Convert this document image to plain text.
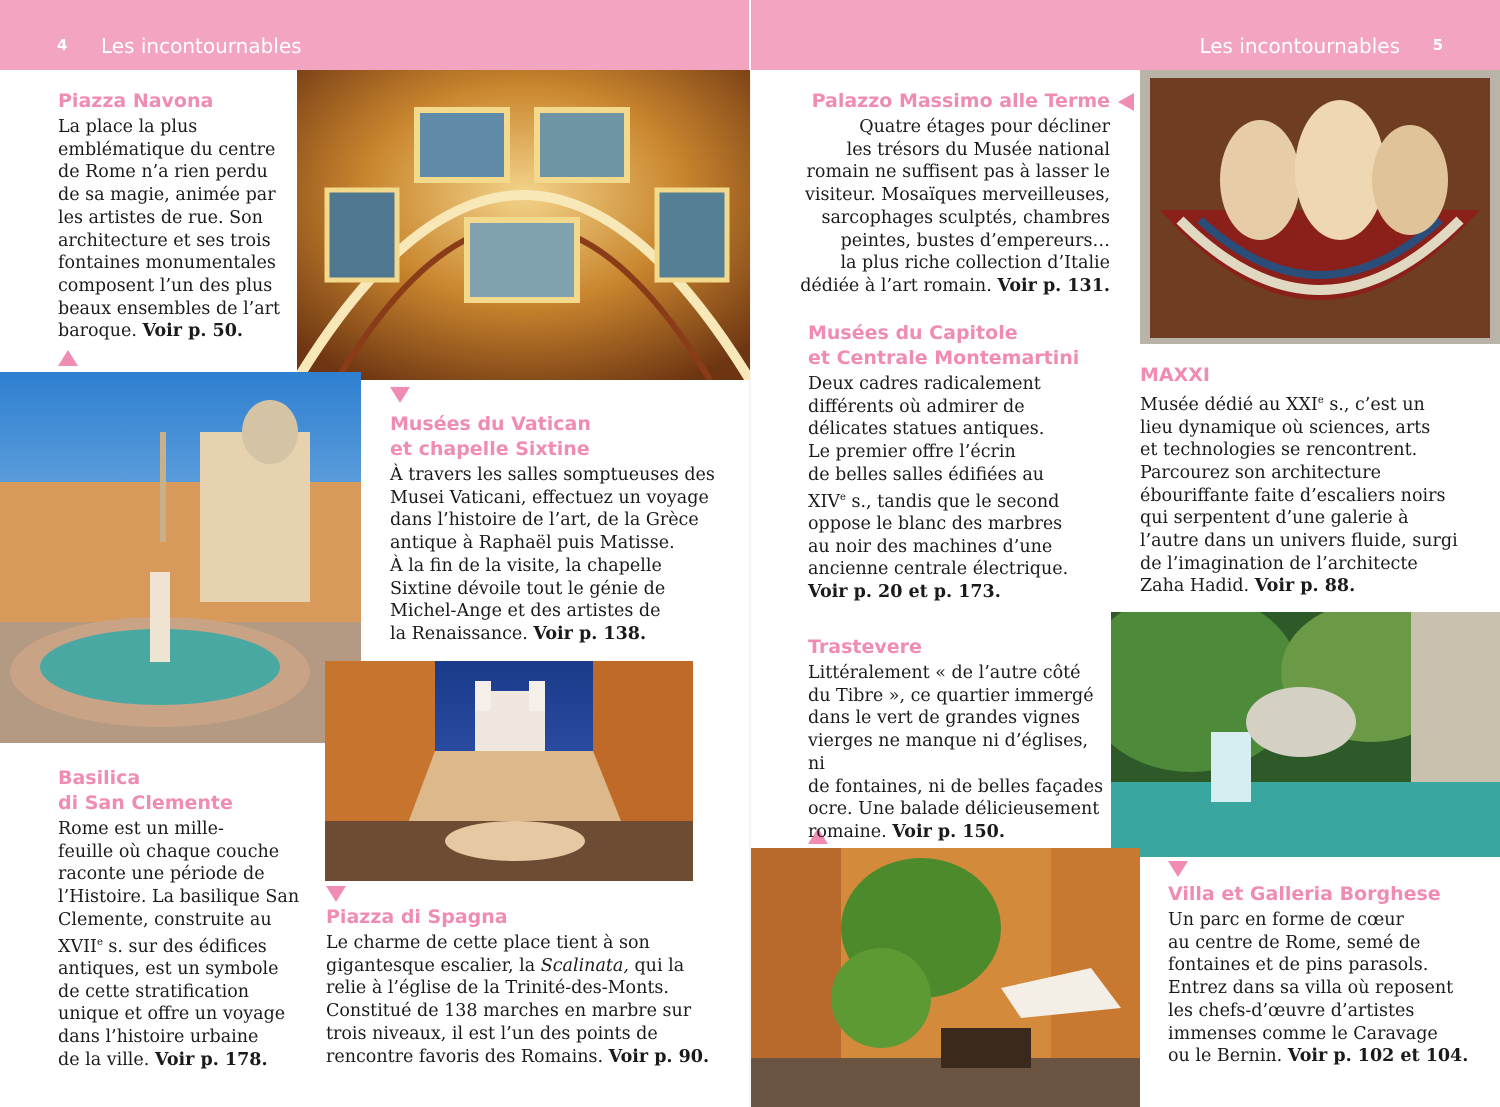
4 Les incontournables	Les incontournables 5
Piazza Navona

La place la plus
emblématique du centre
de Rome n’a rien perdu
de sa magie, animée par
les artistes de rue. Son
architecture et ses trois
fontaines monumentales
composent l’un des plus
beaux ensembles de l’art
baroque. Voir p. 50.

Musées du Vatican
et chapelle Sixtine

À travers les salles somptueuses des
Musei Vaticani, effectuez un voyage
dans l’histoire de l’art, de la Grèce
antique à Raphaël puis Matisse.
À la fin de la visite, la chapelle
Sixtine dévoile tout le génie de
Michel-Ange et des artistes de
la Renaissance. Voir p. 138.

Basilica
di San Clemente

Rome est un mille-
feuille où chaque couche
raconte une période de
l’Histoire. La basilique San
Clemente, construite au
XVIIe s. sur des édifices
antiques, est un symbole
de cette stratification
unique et offre un voyage
dans l’histoire urbaine
de la ville. Voir p. 178.

Piazza di Spagna

Le charme de cette place tient à son
gigantesque escalier, la Scalinata, qui la
relie à l’église de la Trinité-des-Monts.
Constitué de 138 marches en marbre sur
trois niveaux, il est l’un des points de
rencontre favoris des Romains. Voir p. 90.

Palazzo Massimo alle Terme

Quatre étages pour décliner
les trésors du Musée national
romain ne suffisent pas à lasser le
visiteur. Mosaïques merveilleuses,
sarcophages sculptés, chambres
peintes, bustes d’empereurs…
la plus riche collection d’Italie
dédiée à l’art romain. Voir p. 131.

Musées du Capitole
et Centrale Montemartini

Deux cadres radicalement
différents où admirer de
délicates statues antiques.
Le premier offre l’écrin
de belles salles édifiées au
XIVe s., tandis que le second
oppose le blanc des marbres
au noir des machines d’une
ancienne centrale électrique.
Voir p. 20 et p. 173.

MAXXI

Musée dédié au XXIe s., c’est un
lieu dynamique où sciences, arts
et technologies se rencontrent.
Parcourez son architecture
ébouriffante faite d’escaliers noirs
qui serpentent d’une galerie à
l’autre dans un univers fluide, surgi
de l’imagination de l’architecte
Zaha Hadid. Voir p. 88.

Trastevere

Littéralement « de l’autre côté
du Tibre », ce quartier immergé
dans le vert de grandes vignes
vierges ne manque ni d’églises, ni
de fontaines, ni de belles façades
ocre. Une balade délicieusement
romaine. Voir p. 150.

Villa et Galleria Borghese

Un parc en forme de cœur
au centre de Rome, semé de
fontaines et de pins parasols.
Entrez dans sa villa où reposent
les chefs-d’œuvre d’artistes
immenses comme le Caravage
ou le Bernin. Voir p. 102 et 104.
